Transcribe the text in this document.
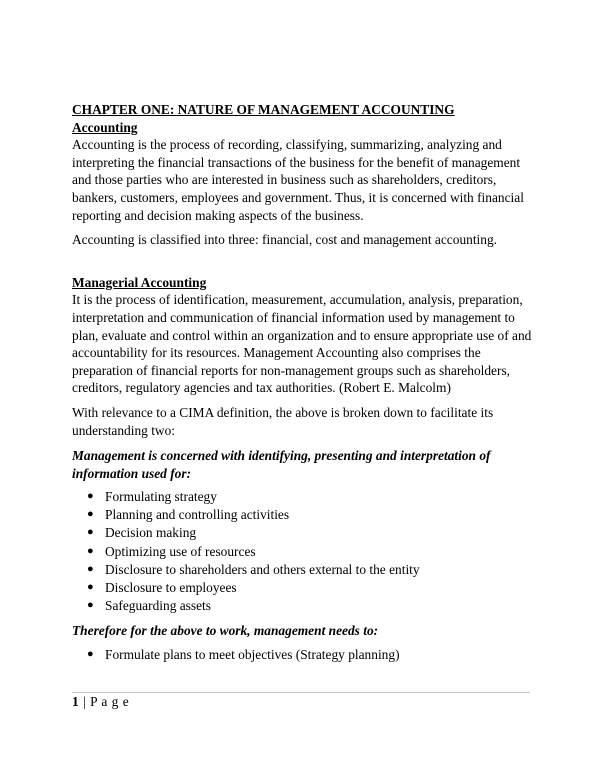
CHAPTER ONE: NATURE OF MANAGEMENT ACCOUNTING

Accounting

Accounting is the process of recording, classifying, summarizing, analyzing and interpreting the financial transactions of the business for the benefit of management and those parties who are interested in business such as shareholders, creditors, bankers, customers, employees and government. Thus, it is concerned with financial reporting and decision making aspects of the business.

Accounting is classified into three: financial, cost and management accounting.

Managerial Accounting

It is the process of identification, measurement, accumulation, analysis, preparation, interpretation and communication of financial information used by management to plan, evaluate and control within an organization and to ensure appropriate use of and accountability for its resources. Management Accounting also comprises the preparation of financial reports for non-management groups such as shareholders, creditors, regulatory agencies and tax authorities. (Robert E. Malcolm)

With relevance to a CIMA definition, the above is broken down to facilitate its understanding two:

Management is concerned with identifying, presenting and interpretation of information used for:

● Formulating strategy
● Planning and controlling activities
● Decision making
● Optimizing use of resources
● Disclosure to shareholders and others external to the entity
● Disclosure to employees
● Safeguarding assets

Therefore for the above to work, management needs to:

● Formulate plans to meet objectives (Strategy planning)
1 | P a g e
